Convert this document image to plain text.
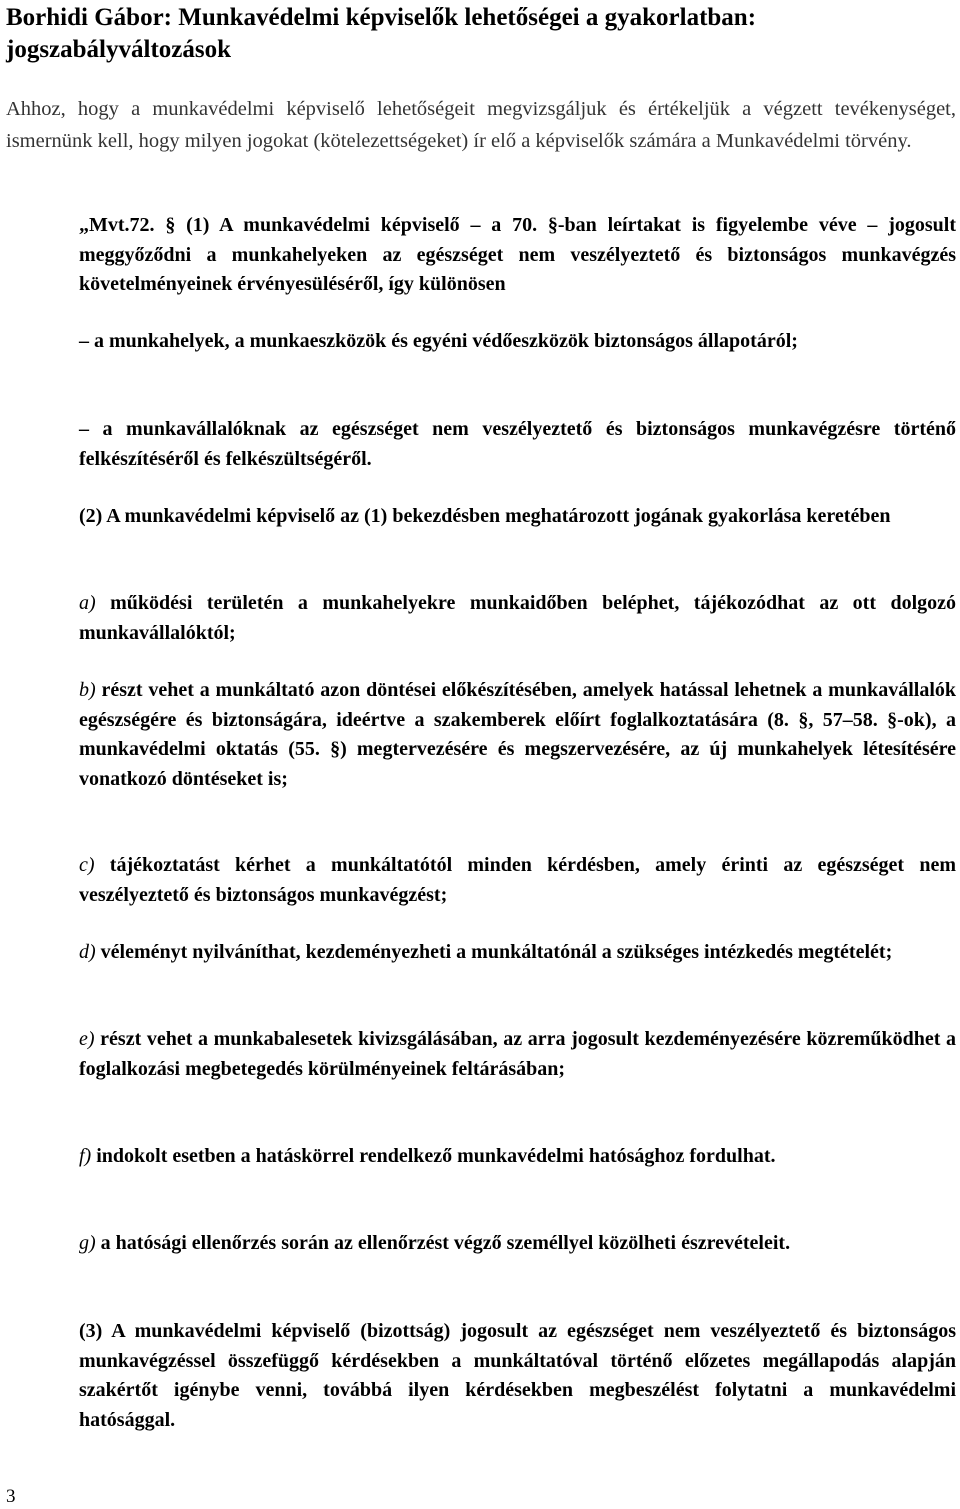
Borhidi Gábor: Munkavédelmi képviselők lehetőségei a gyakorlatban: jogszabályváltozások

Ahhoz, hogy a munkavédelmi képviselő lehetőségeit megvizsgáljuk és értékeljük a végzett tevékenységet, ismernünk kell, hogy milyen jogokat (kötelezettségeket) ír elő a képviselők számára a Munkavédelmi törvény.

„Mvt.72. § (1) A munkavédelmi képviselő – a 70. §-ban leírtakat is figyelembe véve – jogosult meggyőződni a munkahelyeken az egészséget nem veszélyeztető és biztonságos munkavégzés követelményeinek érvényesüléséről, így különösen

– a munkahelyek, a munkaeszközök és egyéni védőeszközök biztonságos állapotáról;

– a munkavállalóknak az egészséget nem veszélyeztető és biztonságos munkavégzésre történő felkészítéséről és felkészültségéről.

(2) A munkavédelmi képviselő az (1) bekezdésben meghatározott jogának gyakorlása keretében

a) működési területén a munkahelyekre munkaidőben beléphet, tájékozódhat az ott dolgozó munkavállalóktól;

b) részt vehet a munkáltató azon döntései előkészítésében, amelyek hatással lehetnek a munkavállalók egészségére és biztonságára, ideértve a szakemberek előírt foglalkoztatására (8. §, 57–58. §-ok), a munkavédelmi oktatás (55. §) megtervezésére és megszervezésére, az új munkahelyek létesítésére vonatkozó döntéseket is;

c) tájékoztatást kérhet a munkáltatótól minden kérdésben, amely érinti az egészséget nem veszélyeztető és biztonságos munkavégzést;

d) véleményt nyilváníthat, kezdeményezheti a munkáltatónál a szükséges intézkedés megtételét;

e) részt vehet a munkabalesetek kivizsgálásában, az arra jogosult kezdeményezésére közreműködhet a foglalkozási megbetegedés körülményeinek feltárásában;

f) indokolt esetben a hatáskörrel rendelkező munkavédelmi hatósághoz fordulhat.

g) a hatósági ellenőrzés során az ellenőrzést végző személlyel közölheti észrevételeit.

(3) A munkavédelmi képviselő (bizottság) jogosult az egészséget nem veszélyeztető és biztonságos munkavégzéssel összefüggő kérdésekben a munkáltatóval történő előzetes megállapodás alapján szakértőt igénybe venni, továbbá ilyen kérdésekben megbeszélést folytatni a munkavédelmi hatósággal.

3
